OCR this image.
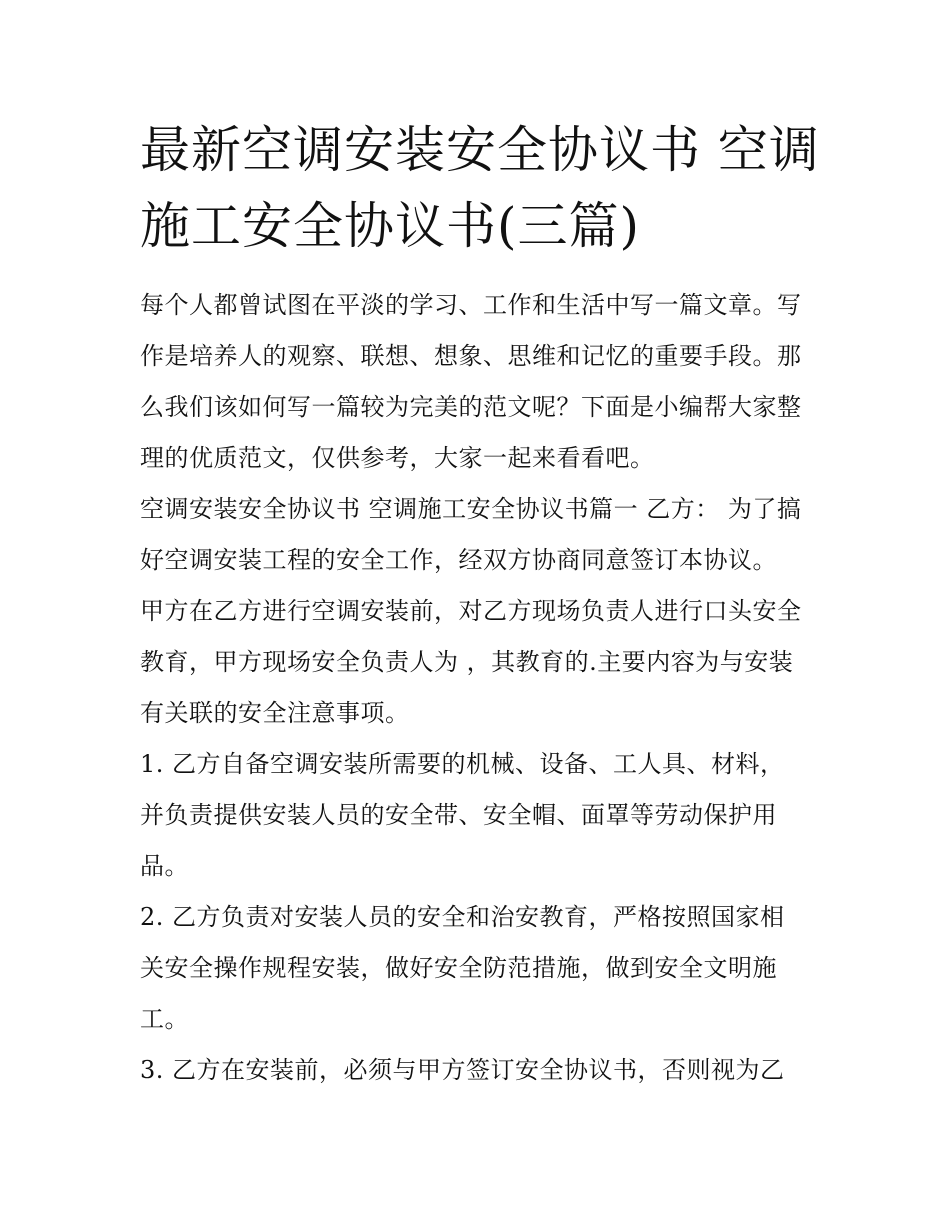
最新空调安装安全协议书 空调
施工安全协议书(三篇)
每个人都曾试图在平淡的学习、工作和生活中写一篇文章。写
作是培养人的观察、联想、想象、思维和记忆的重要手段。那
么我们该如何写一篇较为完美的范文呢？下面是小编帮大家整
理的优质范文，仅供参考，大家一起来看看吧。
空调安装安全协议书 空调施工安全协议书篇一 乙方： 为了搞
好空调安装工程的安全工作，经双方协商同意签订本协议。
甲方在乙方进行空调安装前，对乙方现场负责人进行口头安全
教育，甲方现场安全负责人为 ，其教育的.主要内容为与安装
有关联的安全注意事项。
1. 乙方自备空调安装所需要的机械、设备、工人具、材料，
并负责提供安装人员的安全带、安全帽、面罩等劳动保护用
品。
2. 乙方负责对安装人员的安全和治安教育，严格按照国家相
关安全操作规程安装，做好安全防范措施，做到安全文明施
工。
3. 乙方在安装前，必须与甲方签订安全协议书，否则视为乙
